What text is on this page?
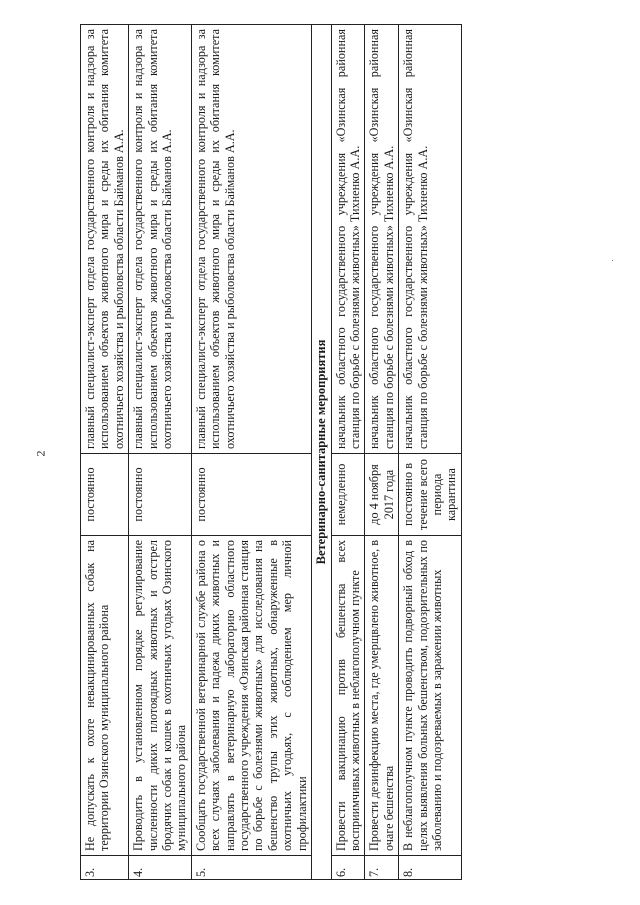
2
3.	Не допускать к охоте невакцинированных собак на территории Озинского муниципального района	постоянно	главный специалист-эксперт отдела государственного контроля и надзора за использованием объектов животного мира и среды их обитания комитета охотничьего хозяйства и рыболовства области Байманов А.А.
4.	Проводить в установленном порядке регулирование численности диких плотоядных животных и отстрел бродячих собак и кошек в охотничьих угодьях Озинского муниципального района	постоянно	главный специалист-эксперт отдела государственного контроля и надзора за использованием объектов животного мира и среды их обитания комитета охотничьего хозяйства и рыболовства области Байманов А.А.
5.	Сообщать государственной ветеринарной службе района о всех случаях заболевания и падежа диких животных и направлять в ветеринарную лабораторию областного государственного учреждения «Озинская районная станция по борьбе с болезнями животных» для исследования на бешенство трупы этих животных, обнаруженные в охотничьих угодьях, с соблюдением мер личной профилактики	постоянно	главный специалист-эксперт отдела государственного контроля и надзора за использованием объектов животного мира и среды их обитания комитета охотничьего хозяйства и рыболовства области Байманов А.А.
Ветеринарно-санитарные мероприятия			
6.	Провести вакцинацию против бешенства всех восприимчивых животных в неблагополучном пункте	немедленно	начальник областного государственного учреждения «Озинская районная станция по борьбе с болезнями животных» Тихненко А.А.
7.	Провести дезинфекцию места, где умерщвлено животное, в очаге бешенства	до 4 ноября 2017 года	начальник областного государственного учреждения «Озинская районная станция по борьбе с болезнями животных» Тихненко А.А.
8.	В неблагополучном пункте проводить подворный обход в целях выявления больных бешенством, подозрительных по заболеванию и подозреваемых в заражении животных	постоянно в течение всего периода карантина	начальник областного государственного учреждения «Озинская районная станция по борьбе с болезнями животных» Тихненко А.А.
